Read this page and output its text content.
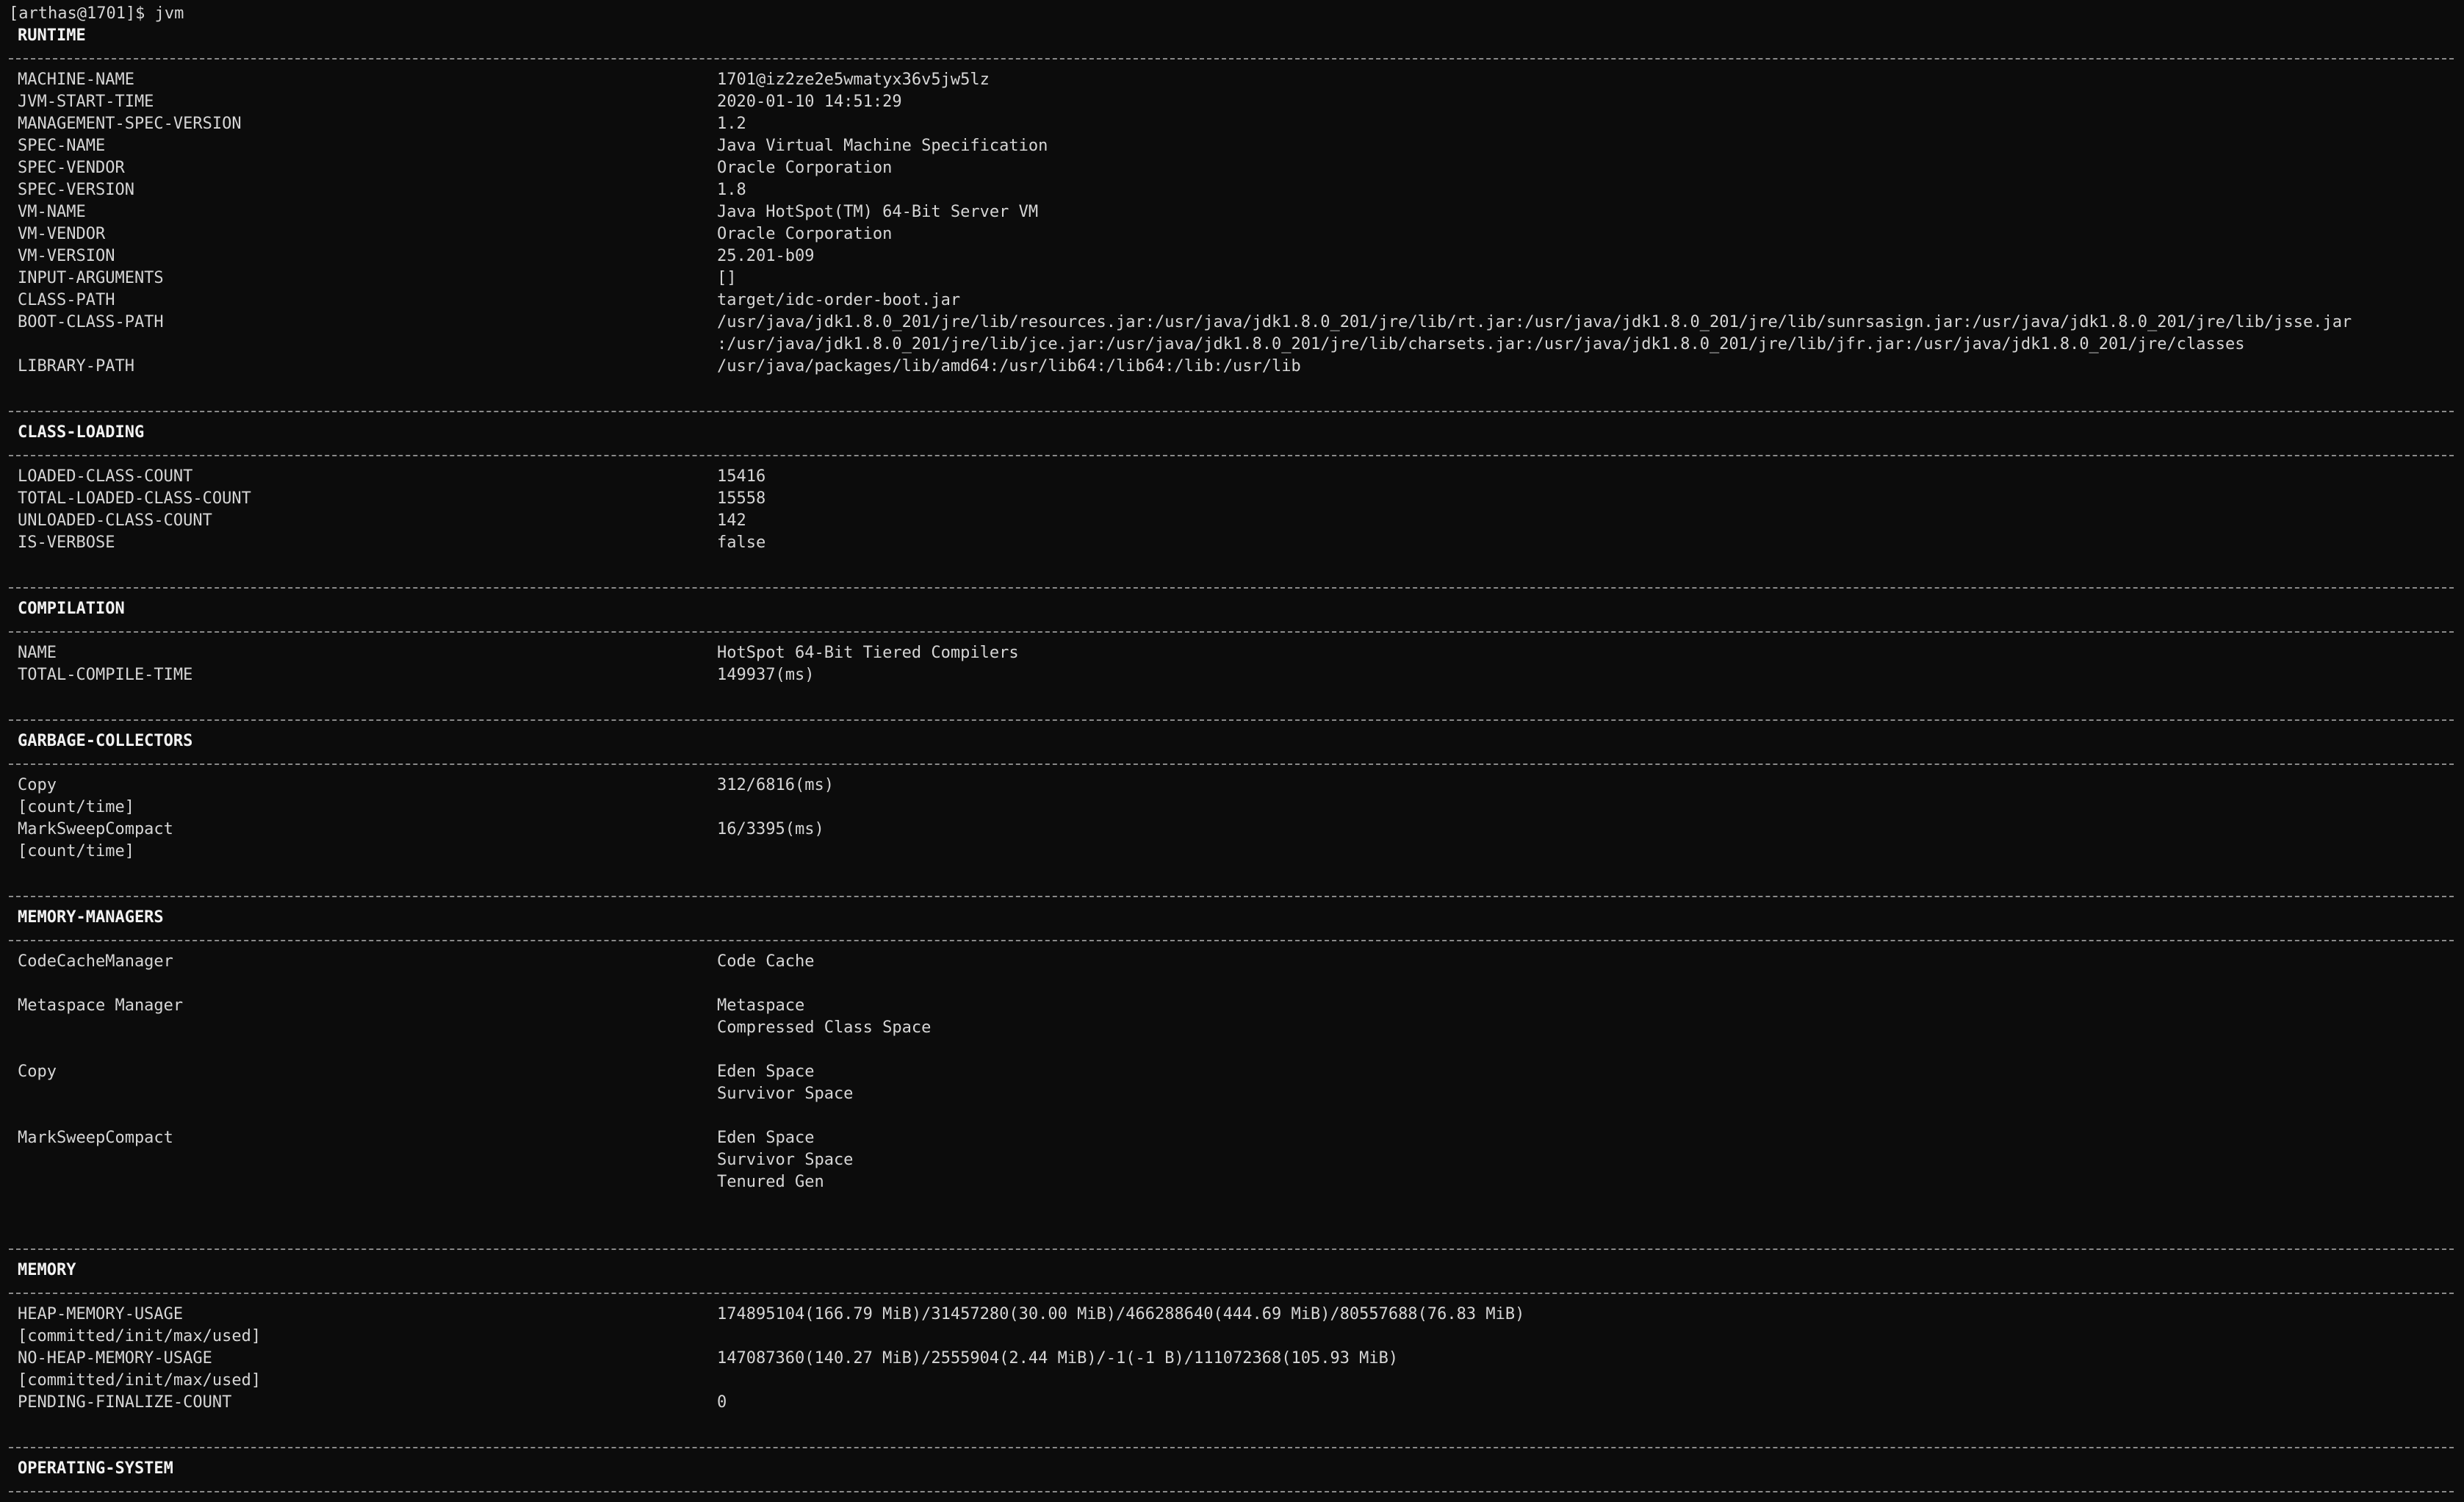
[arthas@1701]$ jvm
RUNTIME
MACHINE-NAME	1701@iz2ze2e5wmatyx36v5jw5lz
JVM-START-TIME	2020-01-10 14:51:29
MANAGEMENT-SPEC-VERSION	1.2
SPEC-NAME	Java Virtual Machine Specification
SPEC-VENDOR	Oracle Corporation
SPEC-VERSION	1.8
VM-NAME	Java HotSpot(TM) 64-Bit Server VM
VM-VENDOR	Oracle Corporation
VM-VERSION	25.201-b09
INPUT-ARGUMENTS	[]
CLASS-PATH	target/idc-order-boot.jar
BOOT-CLASS-PATH	/usr/java/jdk1.8.0_201/jre/lib/resources.jar:/usr/java/jdk1.8.0_201/jre/lib/rt.jar:/usr/java/jdk1.8.0_201/jre/lib/sunrsasign.jar:/usr/java/jdk1.8.0_201/jre/lib/jsse.jar
:/usr/java/jdk1.8.0_201/jre/lib/jce.jar:/usr/java/jdk1.8.0_201/jre/lib/charsets.jar:/usr/java/jdk1.8.0_201/jre/lib/jfr.jar:/usr/java/jdk1.8.0_201/jre/classes
LIBRARY-PATH	/usr/java/packages/lib/amd64:/usr/lib64:/lib64:/lib:/usr/lib
CLASS-LOADING
LOADED-CLASS-COUNT	15416
TOTAL-LOADED-CLASS-COUNT	15558
UNLOADED-CLASS-COUNT	142
IS-VERBOSE	false
COMPILATION
NAME	HotSpot 64-Bit Tiered Compilers
TOTAL-COMPILE-TIME	149937(ms)
GARBAGE-COLLECTORS
Copy	312/6816(ms)
[count/time]
MarkSweepCompact	16/3395(ms)
[count/time]
MEMORY-MANAGERS
CodeCacheManager	Code Cache
Metaspace Manager	Metaspace
Compressed Class Space
Copy	Eden Space
Survivor Space
MarkSweepCompact	Eden Space
Survivor Space
Tenured Gen
MEMORY
HEAP-MEMORY-USAGE	174895104(166.79 MiB)/31457280(30.00 MiB)/466288640(444.69 MiB)/80557688(76.83 MiB)
[committed/init/max/used]
NO-HEAP-MEMORY-USAGE	147087360(140.27 MiB)/2555904(2.44 MiB)/-1(-1 B)/111072368(105.93 MiB)
[committed/init/max/used]
PENDING-FINALIZE-COUNT	0
OPERATING-SYSTEM
